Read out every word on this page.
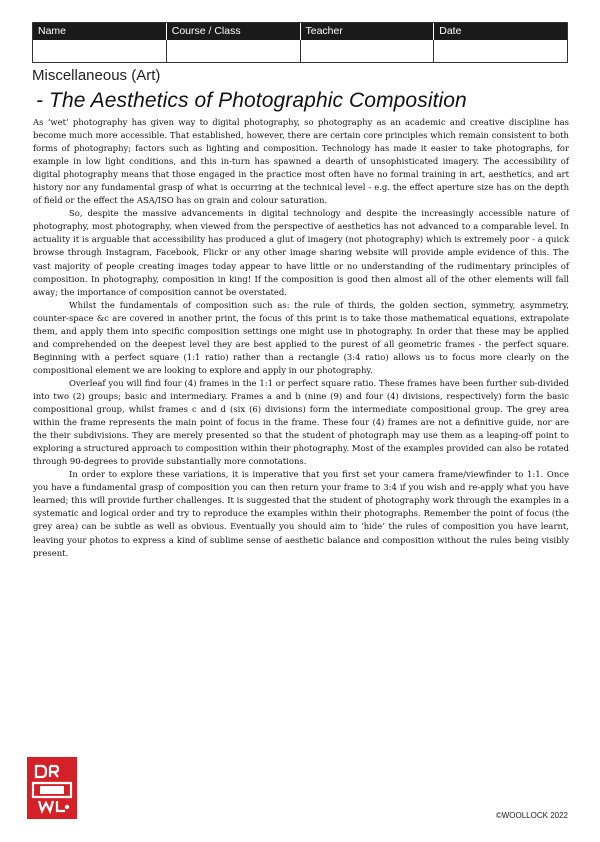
Name	Course / Class	Teacher	Date
Miscellaneous (Art)
- The Aesthetics of Photographic Composition

As ‘wet’ photography has given way to digital photography, so photography as an academic and creative discipline has become much more accessible. That established, however, there are certain core principles which remain consistent to both forms of photography; factors such as lighting and composition. Technology has made it easier to take photographs, for example in low light conditions, and this in-turn has spawned a dearth of unsophisticated imagery. The accessibility of digital photography means that those engaged in the practice most often have no formal training in art, aesthetics, and art history nor any fundamental grasp of what is occurring at the technical level - e.g. the effect aperture size has on the depth of field or the effect the ASA/ISO has on grain and colour saturation.

So, despite the massive advancements in digital technology and despite the increasingly accessible nature of photography, most photography, when viewed from the perspective of aesthetics has not advanced to a comparable level. In actuality it is arguable that accessibility has produced a glut of imagery (not photography) which is extremely poor - a quick browse through Instagram, Facebook, Flickr or any other image sharing website will provide ample evidence of this. The vast majority of people creating images today appear to have little or no understanding of the rudimentary principles of composition. In photography, composition in king! If the composition is good then almost all of the other elements will fall away; the importance of composition cannot be overstated.

Whilst the fundamentals of composition such as: the rule of thirds, the golden section, symmetry, asymmetry, counter-space &c are covered in another print, the focus of this print is to take those mathematical equations, extrapolate them, and apply them into specific composition settings one might use in photography. In order that these may be applied and comprehended on the deepest level they are best applied to the purest of all geometric frames - the perfect square. Beginning with a perfect square (1:1 ratio) rather than a rectangle (3:4 ratio) allows us to focus more clearly on the compositional element we are looking to explore and apply in our photography.

Overleaf you will find four (4) frames in the 1:1 or perfect square ratio. These frames have been further sub-divided into two (2) groups; basic and intermediary. Frames a and b (nine (9) and four (4) divisions, respectively) form the basic compositional group, whilst frames c and d (six (6) divisions) form the intermediate compositional group. The grey area within the frame represents the main point of focus in the frame. These four (4) frames are not a definitive guide, nor are the their subdivisions. They are merely presented so that the student of photograph may use them as a leaping-off point to exploring a structured approach to composition within their photography. Most of the examples provided can also be rotated through 90-degrees to provide substantially more connotations.

In order to explore these variations, it is imperative that you first set your camera frame/viewfinder to 1:1. Once you have a fundamental grasp of composition you can then return your frame to 3:4 if you wish and re-apply what you have learned; this will provide further challenges. It is suggested that the student of photography work through the examples in a systematic and logical order and try to reproduce the examples within their photographs. Remember the point of focus (the grey area) can be subtle as well as obvious. Eventually you should aim to ‘hide’ the rules of composition you have learnt, leaving your photos to express a kind of sublime sense of aesthetic balance and composition without the rules being visibly present.

©WOOLLOCK 2022
